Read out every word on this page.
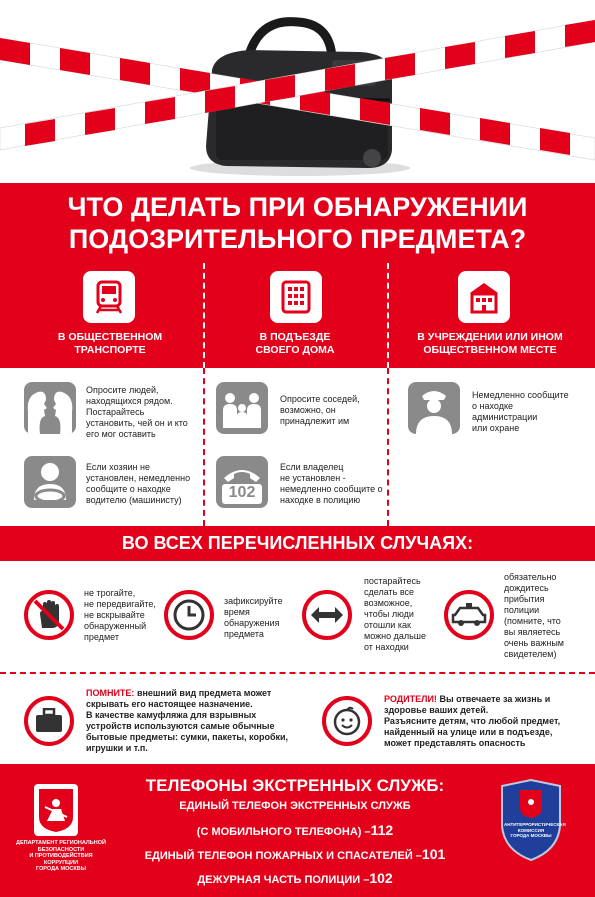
ЧТО ДЕЛАТЬ ПРИ ОБНАРУЖЕНИИ
ПОДОЗРИТЕЛЬНОГО ПРЕДМЕТА?
В ОБЩЕСТВЕННОМ
ТРАНСПОРТЕ
В ПОДЪЕЗДЕ
СВОЕГО ДОМА
В УЧРЕЖДЕНИИ ИЛИ ИНОМ
ОБЩЕСТВЕННОМ МЕСТЕ
Опросите людей,
находящихся рядом.
Постарайтесь
установить, чей он и кто
его мог оставить
Если хозяин не
установлен, немедленно
сообщите о находке
водителю (машинисту)
Опросите соседей,
возможно, он
принадлежит им
102
Если владелец
не установлен -
немедленно сообщите о
находке в полицию
Немедленно сообщите
о находке
администрации
или охране
ВО ВСЕХ ПЕРЕЧИСЛЕННЫХ СЛУЧАЯХ:
не трогайте,
не передвигайте,
не вскрывайте
обнаруженный
предмет
зафиксируйте
время
обнаружения
предмета
постарайтесь
сделать все
возможное,
чтобы люди
отошли как
можно дальше
от находки
обязательно
дождитесь
прибытия
полиции
(помните, что
вы являетесь
очень важным
свидетелем)
ПОМНИТЕ: внешний вид предмета может
скрывать его настоящее назначение.
В качестве камуфляжа для взрывных
устройств используются самые обычные
бытовые предметы: сумки, пакеты, коробки,
игрушки и т.п.
РОДИТЕЛИ! Вы отвечаете за жизнь и
здоровье ваших детей.
Разъясните детям, что любой предмет,
найденный на улице или в подъезде,
может представлять опасность
ДЕПАРТАМЕНТ РЕГИОНАЛЬНОЙ
БЕЗОПАСНОСТИ
И ПРОТИВОДЕЙСТВИЯ
КОРРУПЦИИ
ГОРОДА МОСКВЫ
ТЕЛЕФОНЫ ЭКСТРЕННЫХ СЛУЖБ:
ЕДИНЫЙ ТЕЛЕФОН ЭКСТРЕННЫХ СЛУЖБ
(С МОБИЛЬНОГО ТЕЛЕФОНА) –112
ЕДИНЫЙ ТЕЛЕФОН ПОЖАРНЫХ И СПАСАТЕЛЕЙ –101
ДЕЖУРНАЯ ЧАСТЬ ПОЛИЦИИ –102
АНТИТЕРРОРИСТИЧЕСКАЯ
КОМИССИЯ
ГОРОДА МОСКВЫ
